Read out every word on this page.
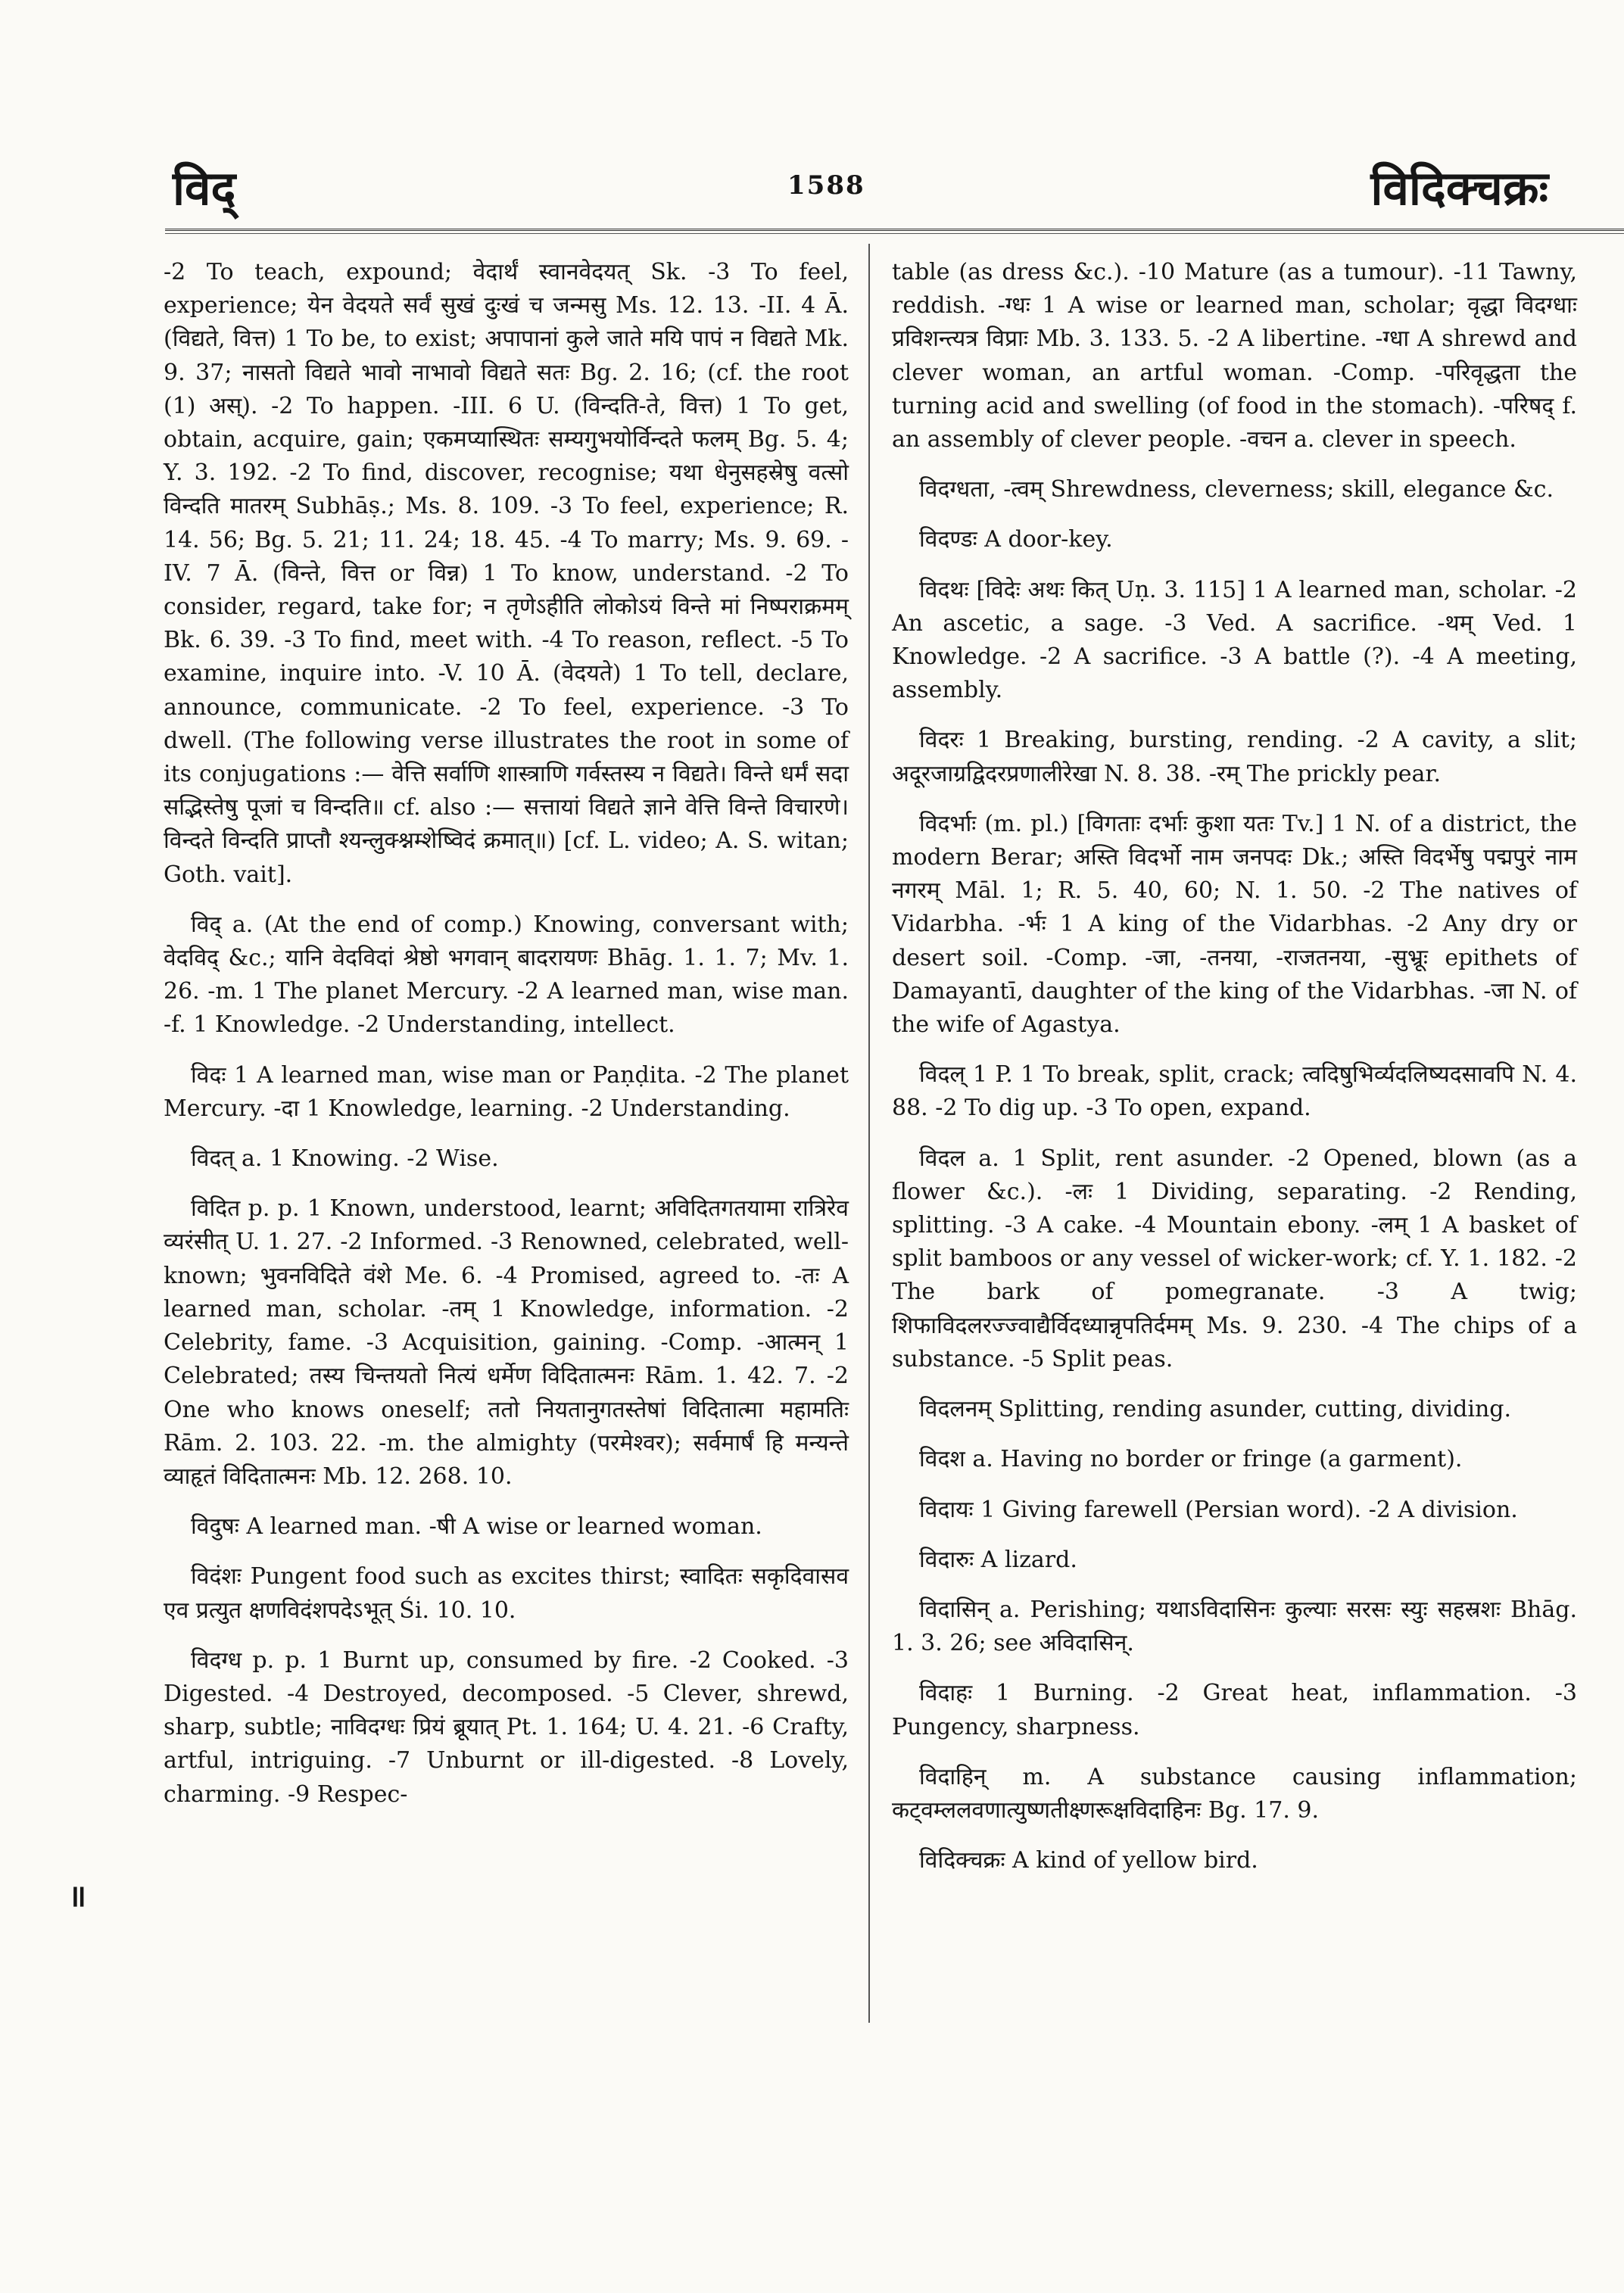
विद्	1588	विदिक्चक्रः

-2 To teach, expound; वेदार्थं स्वानवेदयत् Sk. -3 To feel, experience; येन वेदयते सर्वं सुखं दुःखं च जन्मसु Ms. 12. 13. -II. 4 Ā. (विद्यते, वित्त) 1 To be, to exist; अपापानां कुले जाते मयि पापं न विद्यते Mk. 9. 37; नासतो विद्यते भावो नाभावो विद्यते सतः Bg. 2. 16; (cf. the root (1) अस्). -2 To happen. -III. 6 U. (विन्दति-ते, वित्त) 1 To get, obtain, acquire, gain; एकमप्यास्थितः सम्यगुभयोर्विन्दते फलम् Bg. 5. 4; Y. 3. 192. -2 To find, discover, recognise; यथा धेनुसहस्रेषु वत्सो विन्दति मातरम् Subhāṣ.; Ms. 8. 109. -3 To feel, experience; R. 14. 56; Bg. 5. 21; 11. 24; 18. 45. -4 To marry; Ms. 9. 69. -IV. 7 Ā. (विन्ते, वित्त or विन्न) 1 To know, understand. -2 To consider, regard, take for; न तृणेऽहीति लोकोऽयं विन्ते मां निष्पराक्रमम् Bk. 6. 39. -3 To find, meet with. -4 To reason, reflect. -5 To examine, inquire into. -V. 10 Ā. (वेदयते) 1 To tell, declare, announce, communicate. -2 To feel, experience. -3 To dwell. (The following verse illustrates the root in some of its conjugations :— वेत्ति सर्वाणि शास्त्राणि गर्वस्तस्य न विद्यते। विन्ते धर्मं सदा सद्भिस्तेषु पूजां च विन्दति॥ cf. also :— सत्तायां विद्यते ज्ञाने वेत्ति विन्ते विचारणे। विन्दते विन्दति प्राप्तौ श्यन्लुक्श्नम्शेष्विदं क्रमात्॥) [cf. L. video; A. S. witan; Goth. vait].

विद् a. (At the end of comp.) Knowing, conversant with; वेदविद् &c.; यानि वेदविदां श्रेष्ठो भगवान् बादरायणः Bhāg. 1. 1. 7; Mv. 1. 26. -m. 1 The planet Mercury. -2 A learned man, wise man. -f. 1 Knowledge. -2 Understanding, intellect.

विदः 1 A learned man, wise man or Paṇḍita. -2 The planet Mercury. -दा 1 Knowledge, learning. -2 Understanding.

विदत् a. 1 Knowing. -2 Wise.

विदित p. p. 1 Known, understood, learnt; अविदितगतयामा रात्रिरेव व्यरंसीत् U. 1. 27. -2 Informed. -3 Renowned, celebrated, well-known; भुवनविदिते वंशे Me. 6. -4 Promised, agreed to. -तः A learned man, scholar. -तम् 1 Knowledge, information. -2 Celebrity, fame. -3 Acquisition, gaining. -Comp. -आत्मन् 1 Celebrated; तस्य चिन्तयतो नित्यं धर्मेण विदितात्मनः Rām. 1. 42. 7. -2 One who knows oneself; ततो नियतानुगतस्तेषां विदितात्मा महामतिः Rām. 2. 103. 22. -m. the almighty (परमेश्वर); सर्वमार्षं हि मन्यन्ते व्याहृतं विदितात्मनः Mb. 12. 268. 10.

विदुषः A learned man. -षी A wise or learned woman.

विदंशः Pungent food such as excites thirst; स्वादितः सकृदिवासव एव प्रत्युत क्षणविदंशपदेऽभूत् Śi. 10. 10.

विदग्ध p. p. 1 Burnt up, consumed by fire. -2 Cooked. -3 Digested. -4 Destroyed, decomposed. -5 Clever, shrewd, sharp, subtle; नाविदग्धः प्रियं ब्रूयात् Pt. 1. 164; U. 4. 21. -6 Crafty, artful, intriguing. -7 Unburnt or ill-digested. -8 Lovely, charming. -9 Respec-

table (as dress &c.). -10 Mature (as a tumour). -11 Tawny, reddish. -ग्धः 1 A wise or learned man, scholar; वृद्धा विदग्धाः प्रविशन्त्यत्र विप्राः Mb. 3. 133. 5. -2 A libertine. -ग्धा A shrewd and clever woman, an artful woman. -Comp. -परिवृद्धता the turning acid and swelling (of food in the stomach). -परिषद् f. an assembly of clever people. -वचन a. clever in speech.

विदग्धता, -त्वम् Shrewdness, cleverness; skill, elegance &c.

विदण्डः A door-key.

विदथः [विदेः अथः कित् Uṇ. 3. 115] 1 A learned man, scholar. -2 An ascetic, a sage. -3 Ved. A sacrifice. -थम् Ved. 1 Knowledge. -2 A sacrifice. -3 A battle (?). -4 A meeting, assembly.

विदरः 1 Breaking, bursting, rending. -2 A cavity, a slit; अदूरजाग्रद्विदरप्रणालीरेखा N. 8. 38. -रम् The prickly pear.

विदर्भाः (m. pl.) [विगताः दर्भाः कुशा यतः Tv.] 1 N. of a district, the modern Berar; अस्ति विदर्भो नाम जनपदः Dk.; अस्ति विदर्भेषु पद्मपुरं नाम नगरम् Māl. 1; R. 5. 40, 60; N. 1. 50. -2 The natives of Vidarbha. -र्भः 1 A king of the Vidarbhas. -2 Any dry or desert soil. -Comp. -जा, -तनया, -राजतनया, -सुभ्रूः epithets of Damayantī, daughter of the king of the Vidarbhas. -जा N. of the wife of Agastya.

विदल् 1 P. 1 To break, split, crack; त्वदिषुभिर्व्यदलिष्यदसावपि N. 4. 88. -2 To dig up. -3 To open, expand.

विदल a. 1 Split, rent asunder. -2 Opened, blown (as a flower &c.). -लः 1 Dividing, separating. -2 Rending, splitting. -3 A cake. -4 Mountain ebony. -लम् 1 A basket of split bamboos or any vessel of wicker-work; cf. Y. 1. 182. -2 The bark of pomegranate. -3 A twig; शिफाविदलरज्ज्वाद्यैर्विदध्यान्नृपतिर्दमम् Ms. 9. 230. -4 The chips of a substance. -5 Split peas.

विदलनम् Splitting, rending asunder, cutting, dividing.

विदश a. Having no border or fringe (a garment).

विदायः 1 Giving farewell (Persian word). -2 A division.

विदारुः A lizard.

विदासिन् a. Perishing; यथाऽविदासिनः कुल्याः सरसः स्युः सहस्रशः Bhāg. 1. 3. 26; see अविदासिन्.

विदाहः 1 Burning. -2 Great heat, inflammation. -3 Pungency, sharpness.

विदाहिन् m. A substance causing inflammation; कट्वम्ललवणात्युष्णतीक्ष्णरूक्षविदाहिनः Bg. 17. 9.

विदिक्चक्रः A kind of yellow bird.

॥
